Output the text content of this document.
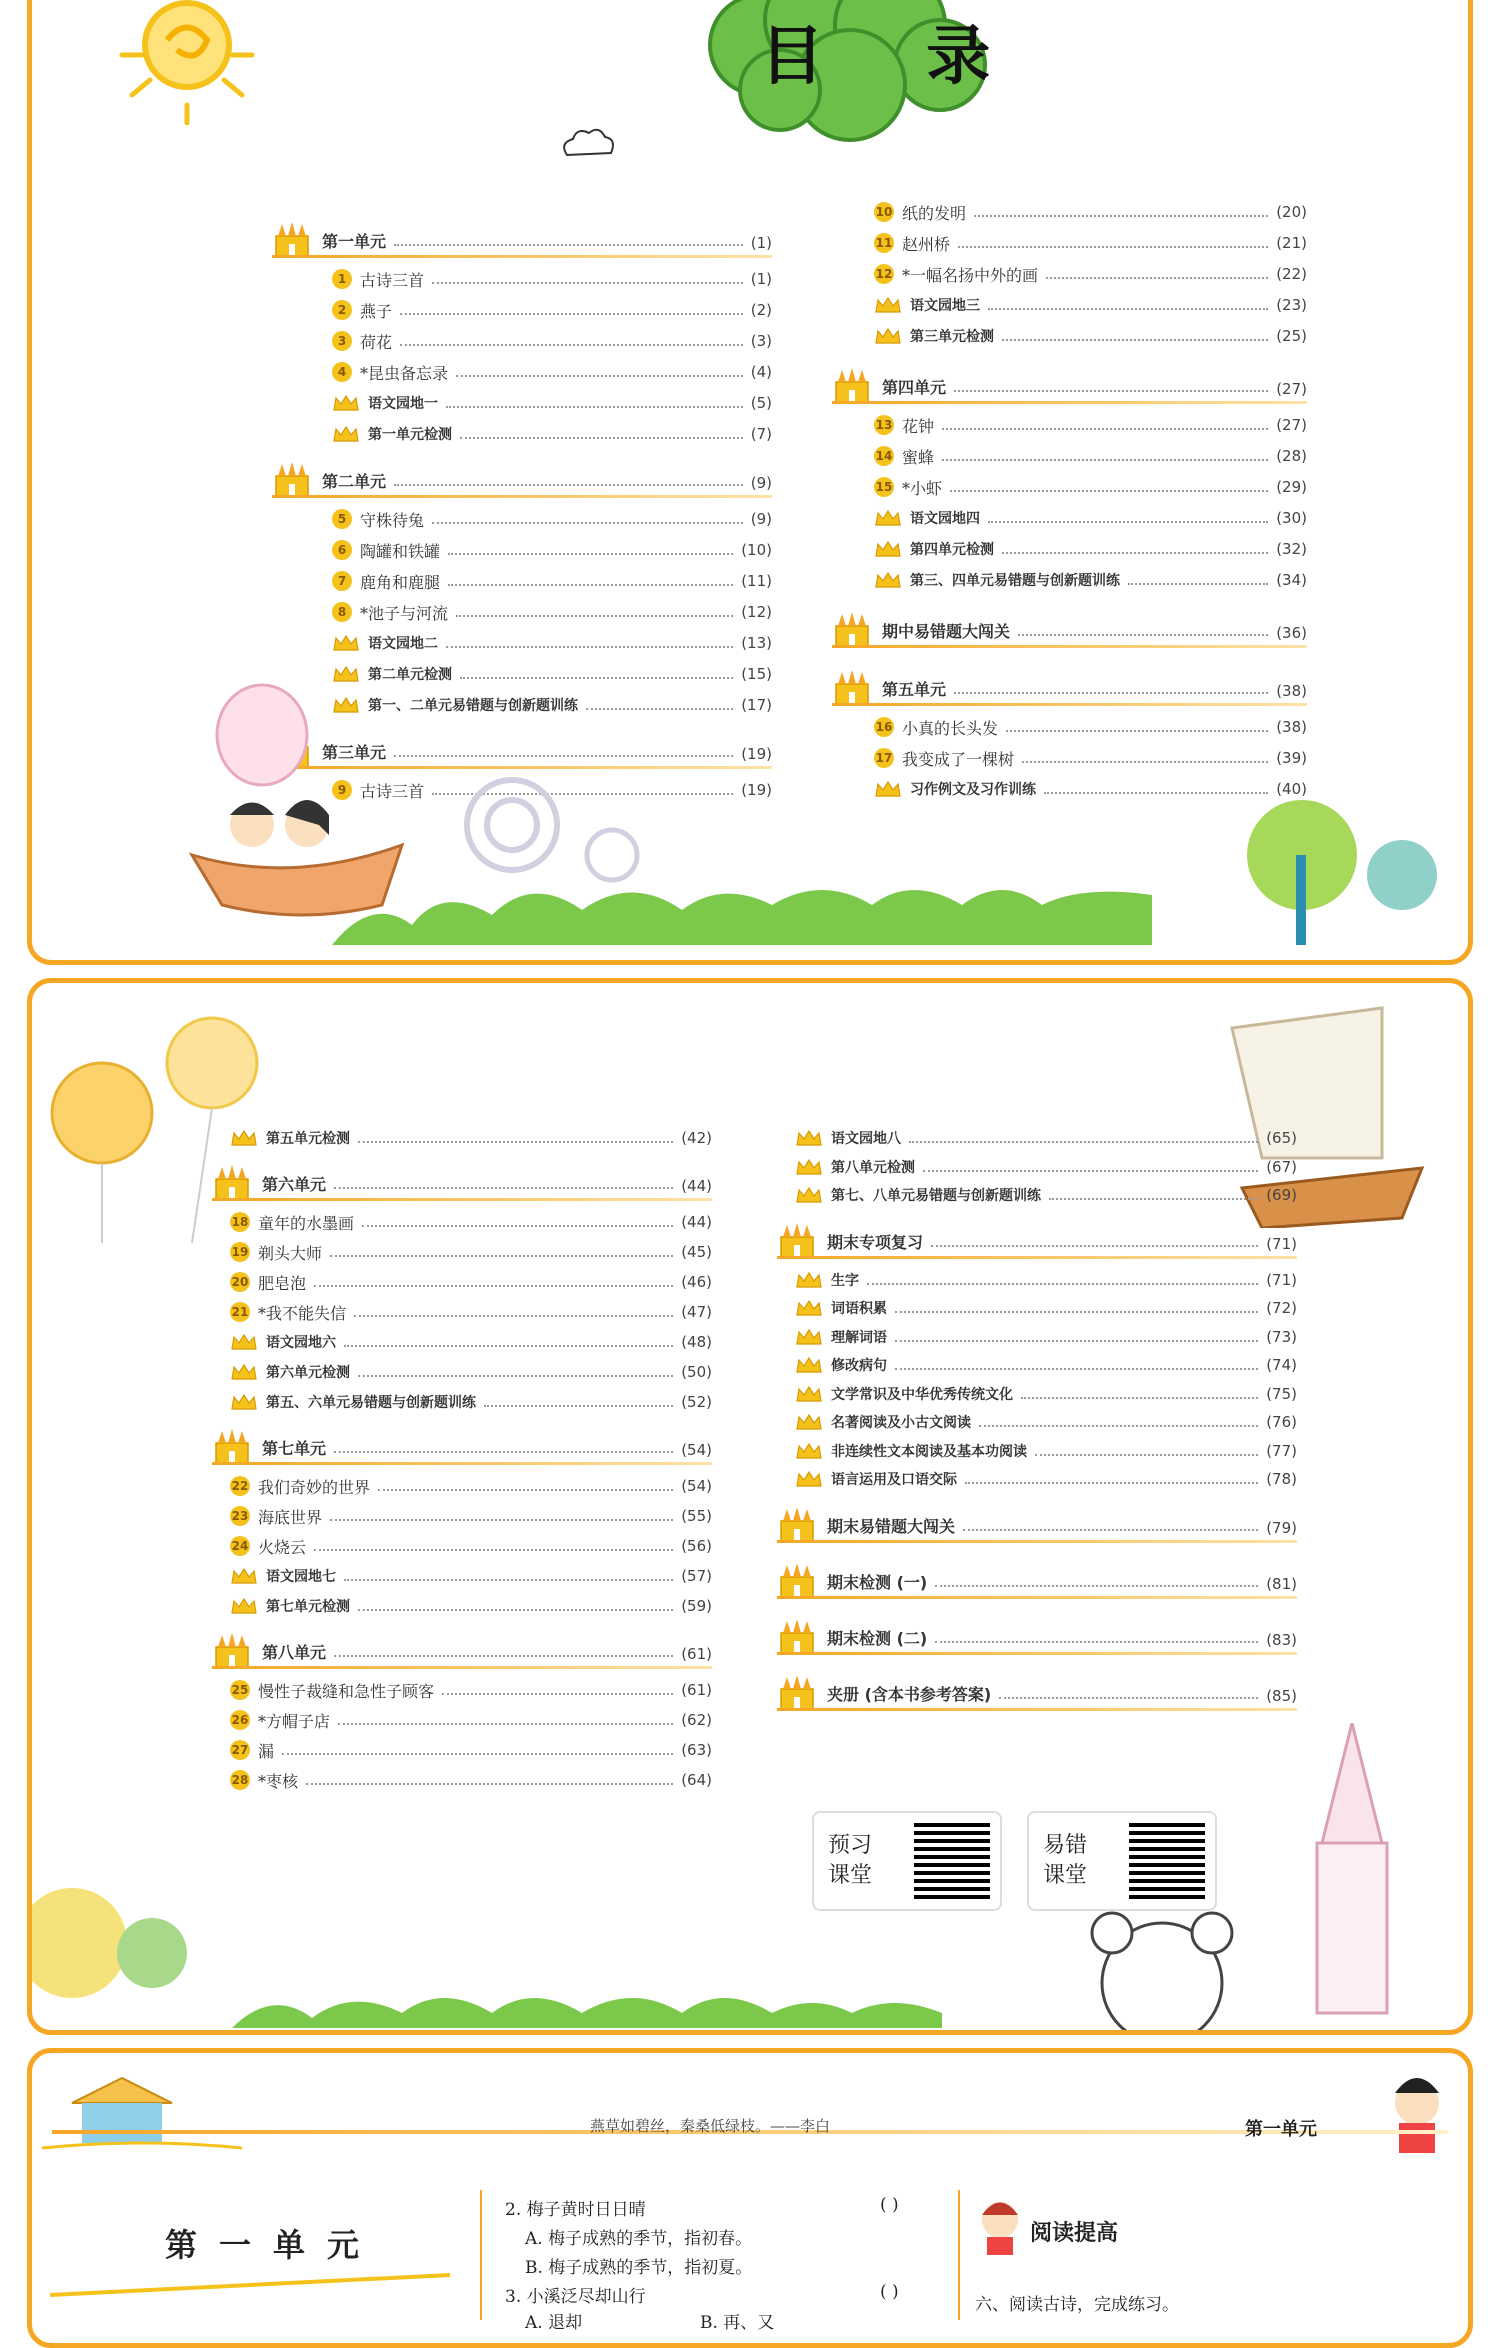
目 录
第一单元	(1)
1 古诗三首	(1)
2 燕子	(2)
3 荷花	(3)
4 *昆虫备忘录	(4)
语文园地一	(5)
第一单元检测	(7)
第二单元	(9)
5 守株待兔	(9)
6 陶罐和铁罐	(10)
7 鹿角和鹿腿	(11)
8 *池子与河流	(12)
语文园地二	(13)
第二单元检测	(15)
第一、二单元易错题与创新题训练	(17)
第三单元	(19)
9 古诗三首	(19)
10 纸的发明	(20)
11 赵州桥	(21)
12 *一幅名扬中外的画	(22)
语文园地三	(23)
第三单元检测	(25)
第四单元	(27)
13 花钟	(27)
14 蜜蜂	(28)
15 *小虾	(29)
语文园地四	(30)
第四单元检测	(32)
第三、四单元易错题与创新题训练	(34)
期中易错题大闯关	(36)
第五单元	(38)
16 小真的长头发	(38)
17 我变成了一棵树	(39)
习作例文及习作训练	(40)
第五单元检测	(42)
第六单元	(44)
18 童年的水墨画	(44)
19 剃头大师	(45)
20 肥皂泡	(46)
21 *我不能失信	(47)
语文园地六	(48)
第六单元检测	(50)
第五、六单元易错题与创新题训练	(52)
第七单元	(54)
22 我们奇妙的世界	(54)
23 海底世界	(55)
24 火烧云	(56)
语文园地七	(57)
第七单元检测	(59)
第八单元	(61)
25 慢性子裁缝和急性子顾客	(61)
26 *方帽子店	(62)
27 漏	(63)
28 *枣核	(64)
语文园地八	(65)
第八单元检测	(67)
第七、八单元易错题与创新题训练	(69)
期末专项复习	(71)
生字	(71)
词语积累	(72)
理解词语	(73)
修改病句	(74)
文学常识及中华优秀传统文化	(75)
名著阅读及小古文阅读	(76)
非连续性文本阅读及基本功阅读	(77)
语言运用及口语交际	(78)
期末易错题大闯关	(79)
期末检测 (一)	(81)
期末检测 (二)	(83)
夹册 (含本书参考答案)	(85)
预习
课堂
易错
课堂
燕草如碧丝，秦桑低绿枝。——李白	第一单元
第一单元
2. 梅子黄时日日晴	( )
A. 梅子成熟的季节，指初春。
B. 梅子成熟的季节，指初夏。
3. 小溪泛尽却山行	( )
A. 退却	B. 再、又
阅读提高
六、阅读古诗，完成练习。
